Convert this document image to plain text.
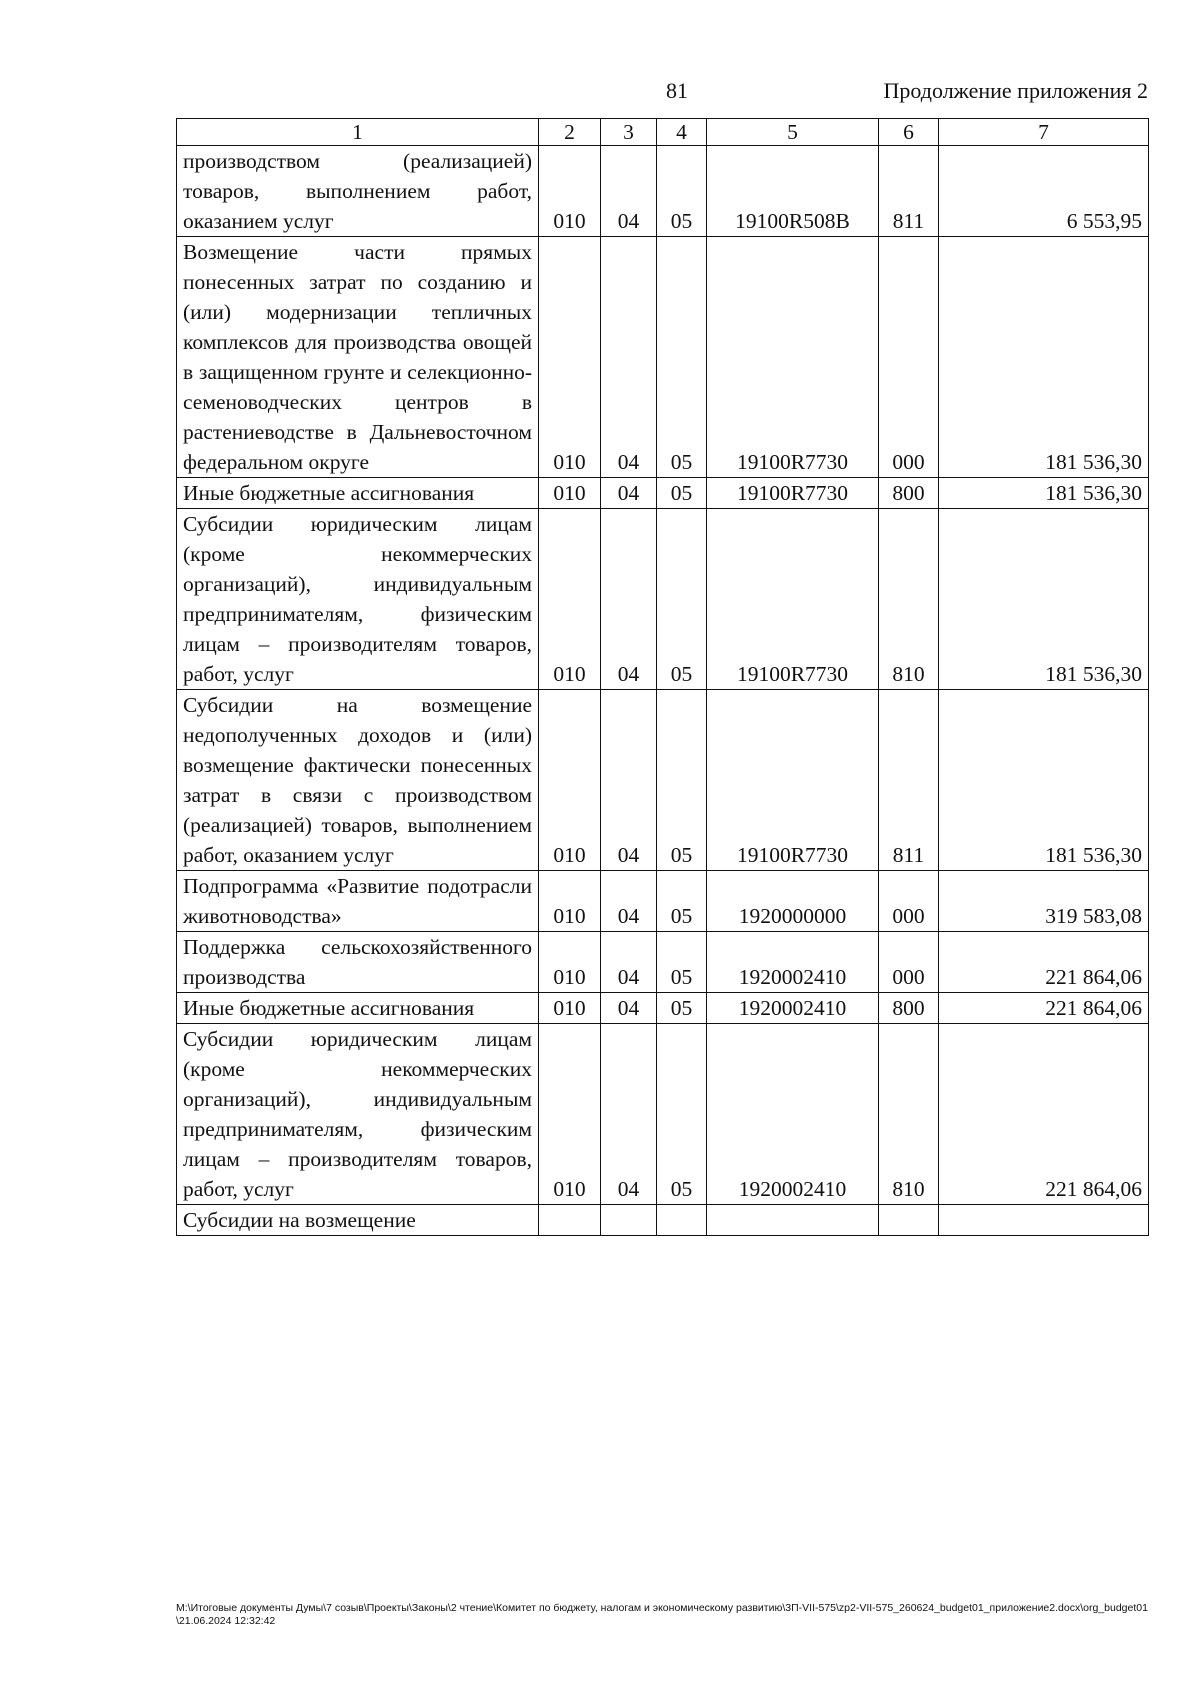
81	Продолжение приложения 2
1	2	3	4	5	6	7
производством (реализацией) товаров, выполнением работ, оказанием услуг	010	04	05	19100R508B	811	6 553,95
Возмещение части прямых понесенных затрат по созданию и (или) модернизации тепличных комплексов для производства овощей в защищенном грунте и селекционно-семеноводческих центров в растениеводстве в Дальневосточном федеральном округе	010	04	05	19100R7730	000	181 536,30
Иные бюджетные ассигнования	010	04	05	19100R7730	800	181 536,30
Субсидии юридическим лицам (кроме некоммерческих организаций), индивидуальным предпринимателям, физическим лицам – производителям товаров, работ, услуг	010	04	05	19100R7730	810	181 536,30
Субсидии на возмещение недополученных доходов и (или) возмещение фактически понесенных затрат в связи с производством (реализацией) товаров, выполнением работ, оказанием услуг	010	04	05	19100R7730	811	181 536,30
Подпрограмма «Развитие подотрасли животноводства»	010	04	05	1920000000	000	319 583,08
Поддержка сельскохозяйственного производства	010	04	05	1920002410	000	221 864,06
Иные бюджетные ассигнования	010	04	05	1920002410	800	221 864,06
Субсидии юридическим лицам (кроме некоммерческих организаций), индивидуальным предпринимателям, физическим лицам – производителям товаров, работ, услуг	010	04	05	1920002410	810	221 864,06
Субсидии на возмещение						
M:\Итоговые документы Думы\7 созыв\Проекты\Законы\2 чтение\Комитет по бюджету, налогам и экономическому развитию\3П-VII-575\zp2-VII-575_260624_budget01_приложение2.docx\org_budget01\21.06.2024 12:32:42
